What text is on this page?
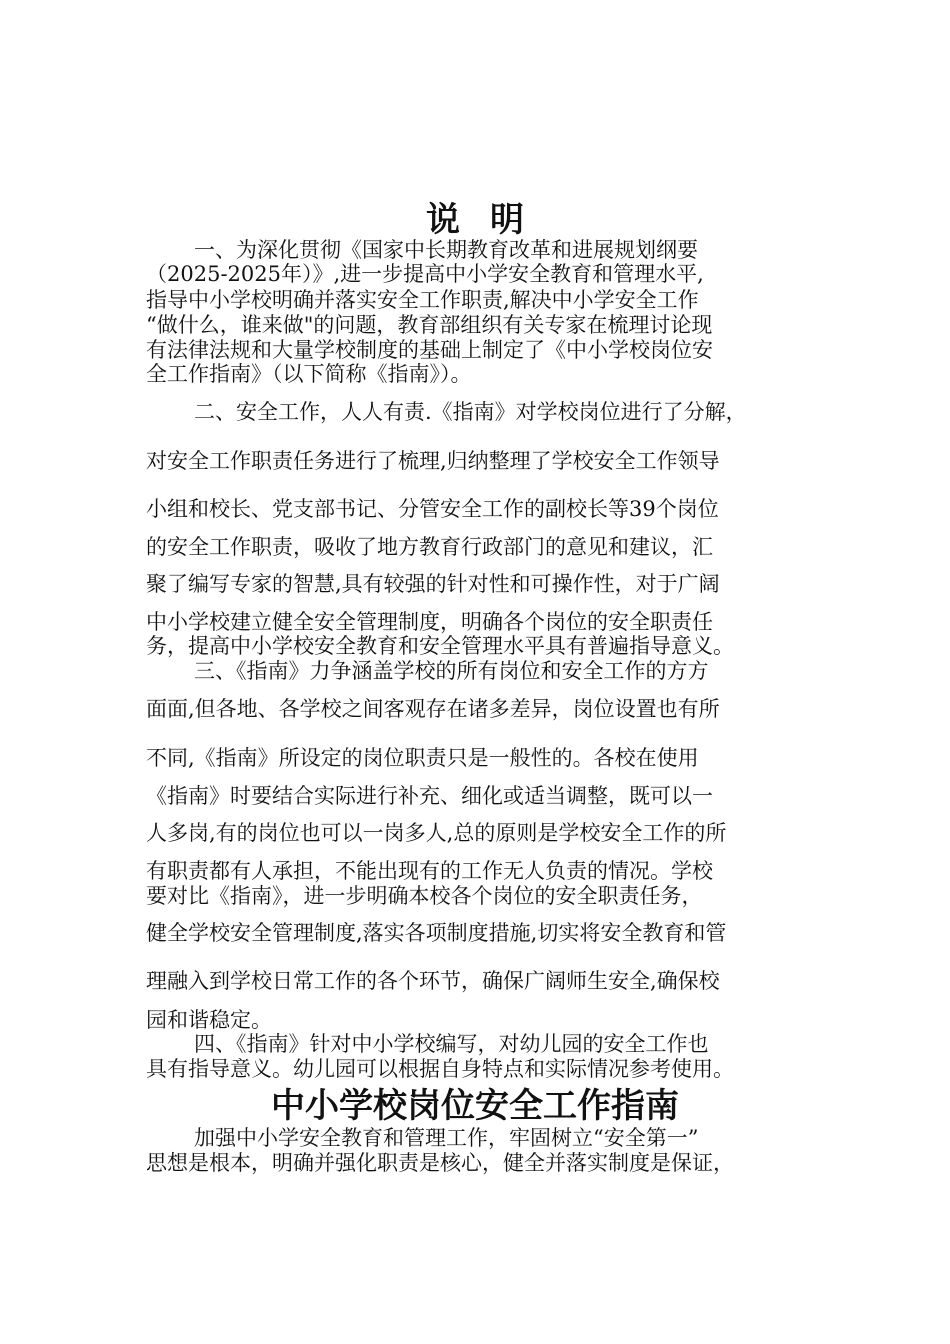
说明
一、为深化贯彻《国家中长期教育改革和进展规划纲要
（2025-2025年）》,进一步提高中小学安全教育和管理水平,
指导中小学校明确并落实安全工作职责,解决中小学安全工作
“做什么，谁来做"的问题，教育部组织有关专家在梳理讨论现
有法律法规和大量学校制度的基础上制定了《中小学校岗位安
全工作指南》（以下简称《指南》）。
二、安全工作，人人有责.《指南》对学校岗位进行了分解，
对安全工作职责任务进行了梳理,归纳整理了学校安全工作领导
小组和校长、党支部书记、分管安全工作的副校长等39个岗位
的安全工作职责，吸收了地方教育行政部门的意见和建议，汇
聚了编写专家的智慧,具有较强的针对性和可操作性，对于广阔
中小学校建立健全安全管理制度，明确各个岗位的安全职责任
务，提高中小学校安全教育和安全管理水平具有普遍指导意义。
三、《指南》力争涵盖学校的所有岗位和安全工作的方方
面面,但各地、各学校之间客观存在诸多差异，岗位设置也有所
不同,《指南》所设定的岗位职责只是一般性的。各校在使用
《指南》时要结合实际进行补充、细化或适当调整，既可以一
人多岗,有的岗位也可以一岗多人,总的原则是学校安全工作的所
有职责都有人承担，不能出现有的工作无人负责的情况。学校
要对比《指南》，进一步明确本校各个岗位的安全职责任务，
健全学校安全管理制度,落实各项制度措施,切实将安全教育和管
理融入到学校日常工作的各个环节，确保广阔师生安全,确保校
园和谐稳定。
四、《指南》针对中小学校编写，对幼儿园的安全工作也
具有指导意义。幼儿园可以根据自身特点和实际情况参考使用。
中小学校岗位安全工作指南
加强中小学安全教育和管理工作，牢固树立“安全第一”
思想是根本，明确并强化职责是核心，健全并落实制度是保证，
